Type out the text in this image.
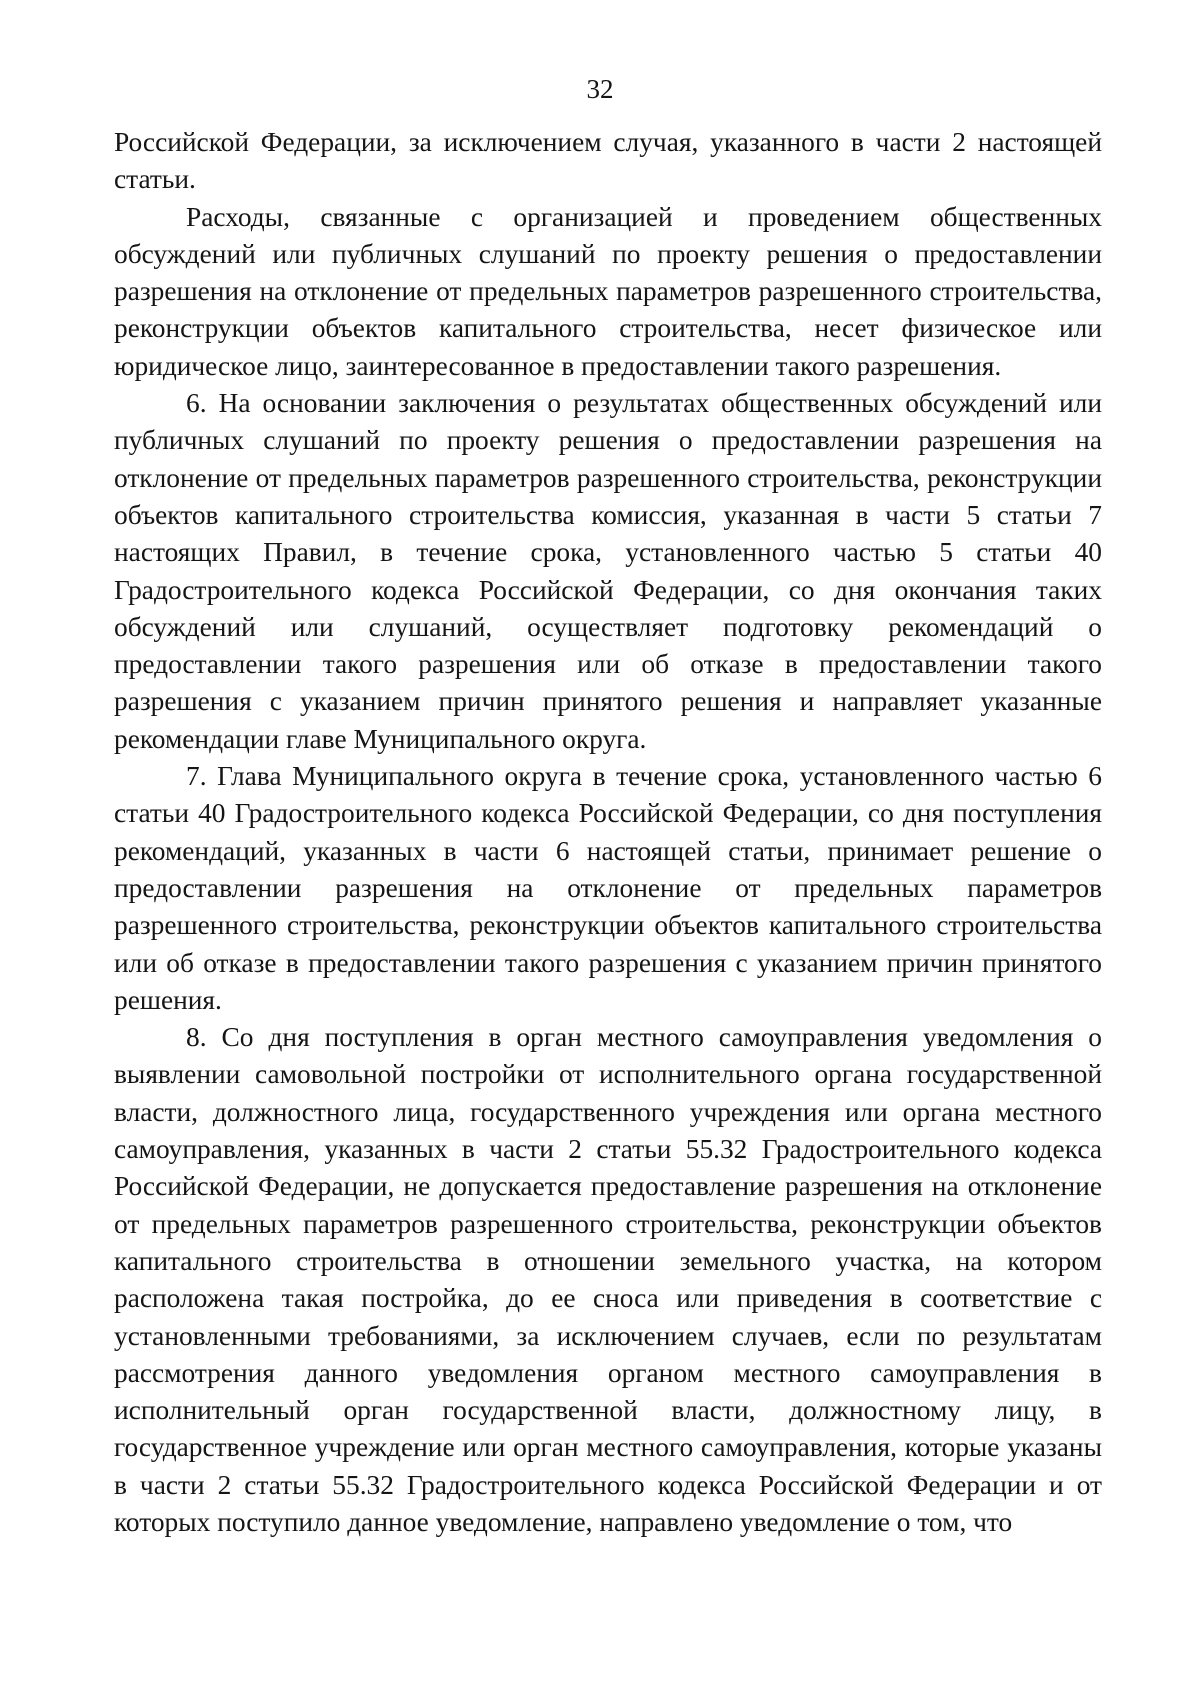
32

Российской Федерации, за исключением случая, указанного в части 2 настоящей статьи.

Расходы, связанные с организацией и проведением общественных обсуждений или публичных слушаний по проекту решения о предоставлении разрешения на отклонение от предельных параметров разрешенного строительства, реконструкции объектов капитального строительства, несет физическое или юридическое лицо, заинтересованное в предоставлении такого разрешения.

6. На основании заключения о результатах общественных обсуждений или публичных слушаний по проекту решения о предоставлении разрешения на отклонение от предельных параметров разрешенного строительства, реконструкции объектов капитального строительства комиссия, указанная в части 5 статьи 7 настоящих Правил, в течение срока, установленного частью 5 статьи 40 Градостроительного кодекса Российской Федерации, со дня окончания таких обсуждений или слушаний, осуществляет подготовку рекомендаций о предоставлении такого разрешения или об отказе в предоставлении такого разрешения с указанием причин принятого решения и направляет указанные рекомендации главе Муниципального округа.

7. Глава Муниципального округа в течение срока, установленного частью 6 статьи 40 Градостроительного кодекса Российской Федерации, со дня поступления рекомендаций, указанных в части 6 настоящей статьи, принимает решение о предоставлении разрешения на отклонение от предельных параметров разрешенного строительства, реконструкции объектов капитального строительства или об отказе в предоставлении такого разрешения с указанием причин принятого решения.

8. Со дня поступления в орган местного самоуправления уведомления о выявлении самовольной постройки от исполнительного органа государственной власти, должностного лица, государственного учреждения или органа местного самоуправления, указанных в части 2 статьи 55.32 Градостроительного кодекса Российской Федерации, не допускается предоставление разрешения на отклонение от предельных параметров разрешенного строительства, реконструкции объектов капитального строительства в отношении земельного участка, на котором расположена такая постройка, до ее сноса или приведения в соответствие с установленными требованиями, за исключением случаев, если по результатам рассмотрения данного уведомления органом местного самоуправления в исполнительный орган государственной власти, должностному лицу, в государственное учреждение или орган местного самоуправления, которые указаны в части 2 статьи 55.32 Градостроительного кодекса Российской Федерации и от которых поступило данное уведомление, направлено уведомление о том, что
